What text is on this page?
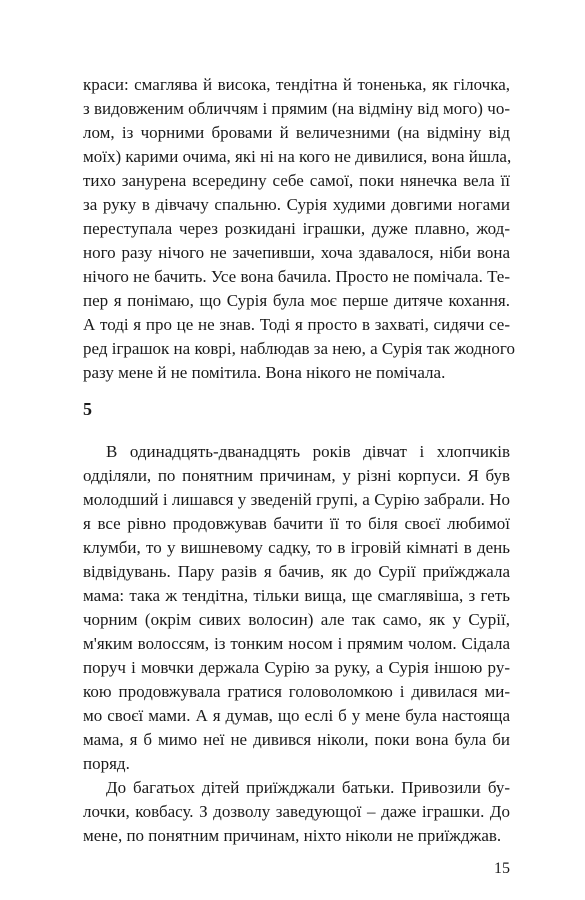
краси: смаглява й висока, тендітна й тоненька, як гілочка,
з видовженим обличчям і прямим (на відміну від мого) чо-
лом, із чорними бровами й величезними (на відміну від
моїх) карими очима, які ні на кого не дивилися, вона йшла,
тихо занурена всередину себе самої, поки нянечка вела її
за руку в дівчачу спальню. Сурія худими довгими ногами
переступала через розкидані іграшки, дуже плавно, жод-
ного разу нічого не зачепивши, хоча здавалося, ніби вона
нічого не бачить. Усе вона бачила. Просто не помічала. Те-
пер я понімаю, що Сурія була моє перше дитяче кохання.
А тоді я про це не знав. Тоді я просто в захваті, сидячи се-
ред іграшок на коврі, наблюдав за нею, а Сурія так жодного
разу мене й не помітила. Вона нікого не помічала.
5
В одинадцять-дванадцять років дівчат і хлопчиків
оддiляли, по понятним причинам, у різні корпуси. Я був
молодший і лишався у зведеній групі, а Сурію забрали. Но
я все рівно продовжував бачити її то біля своєї любимої
клумби, то у вишневому садку, то в ігровій кімнаті в день
відвідувань. Пару разів я бачив, як до Сурії приїжджала
мама: така ж тендітна, тільки вища, ще смаглявіша, з геть
чорним (окрім сивих волосин) але так само, як у Сурії,
м'яким волоссям, із тонким носом і прямим чолом. Сідала
поруч і мовчки держала Сурію за руку, а Сурія іншою ру-
кою продовжувала гратися головоломкою і дивилася ми-
мо своєї мами. А я думав, що еслі б у мене була настояща
мама, я б мимо неї не дивився ніколи, поки вона була би
поряд.
До багатьох дітей приїжджали батьки. Привозили бу-
лочки, ковбасу. З дозволу заведующої – даже іграшки. До
мене, по понятним причинам, ніхто ніколи не приїжджав.
15
